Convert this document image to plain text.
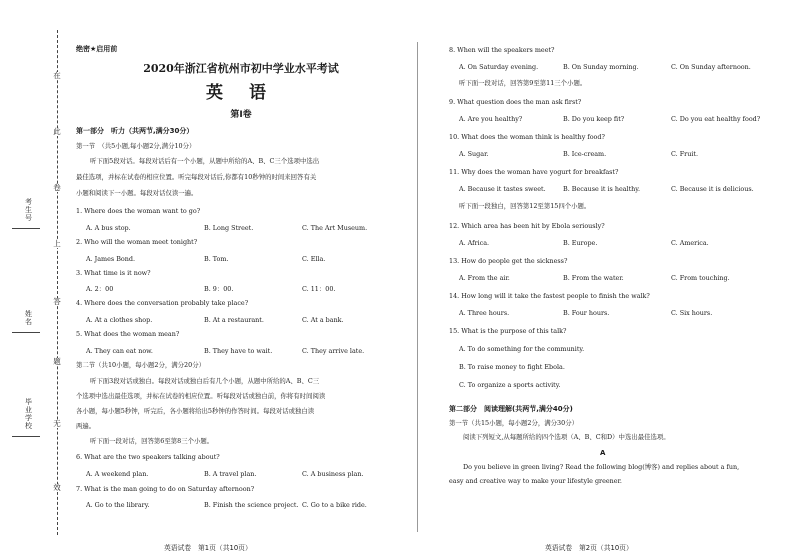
在
此
卷
上
答
题
无
效
考生号
姓名
毕业学校
绝密★启用前
2020年浙江省杭州市初中学业水平考试
英 语
第Ⅰ卷
第一部分　听力（共两节,满分30分）
第一节　（共5小题,每小题2分,满分10分）
听下面5段对话。每段对话后有一个小题，从题中所给的A、B、C三个选项中选出
最佳选项，并标在试卷的相应位置。听完每段对话后,你都有10秒钟的时间来回答有关
小题和阅读下一小题。每段对话仅读一遍。
1. Where does the woman want to go?
A. A bus stop.	B. Long Street.	C. The Art Museum.
2. Who will the woman meet tonight?
A. James Bond.	B. Tom.	C. Ella.
3. What time is it now?
A. 2：00	B. 9：00.	C. 11：00.
4. Where does the conversation probably take place?
A. At a clothes shop.	B. At a restaurant.	C. At a bank.
5. What does the woman mean?
A. They can eat now.	B. They have to wait.	C. They arrive late.
第二节（共10小题，每小题2分，满分20分）
听下面3段对话或独白。每段对话或独白后有几个小题，从题中所给的A、B、C三
个选项中选出最佳选项，并标在试卷的相应位置。听每段对话或独白前，你将有时间阅读
各小题，每小题5秒钟，听完后，各小题将给出5秒钟的作答时间。每段对话或独白读
两遍。
听下面一段对话，回答第6至第8三个小题。
6. What are the two speakers talking about?
A. A weekend plan.	B. A travel plan.	C. A business plan.
7. What is the man going to do on Saturday afternoon?
A. Go to the library.	B. Finish the science project. C. Go to a bike ride.
英语试卷　第1页（共10页）
8. When will the speakers meet?
A. On Saturday evening.	B. On Sunday morning.	C. On Sunday afternoon.
听下面一段对话，回答第9至第11三个小题。
9. What question does the man ask first?
A. Are you healthy?	B. Do you keep fit?	C. Do you eat healthy food?
10. What does the woman think is healthy food?
A. Sugar.	B. Ice-cream.	C. Fruit.
11. Why does the woman have yogurt for breakfast?
A. Because it tastes sweet.	B. Because it is healthy.	C. Because it is delicious.
听下面一段独白，回答第12至第15四个小题。
12. Which area has been hit by Ebola seriously?
A. Africa.	B. Europe.	C. America.
13. How do people get the sickness?
A. From the air.	B. From the water.	C. From touching.
14. How long will it take the fastest people to finish the walk?
A. Three hours.	B. Four hours.	C. Six hours.
15. What is the purpose of this talk?
A. To do something for the community.
B. To raise money to fight Ebola.
C. To organize a sports activity.
第二部分　阅读理解(共两节,满分40分)
第一节（共15小题，每小题2分，满分30分）
阅读下列短文,从每题所给的四个选项（A、B、C和D）中选出最佳选项。
A
Do you believe in green living? Read the following blog(博客) and replies about a fun,
easy and creative way to make your lifestyle greener.
英语试卷　第2页（共10页）
